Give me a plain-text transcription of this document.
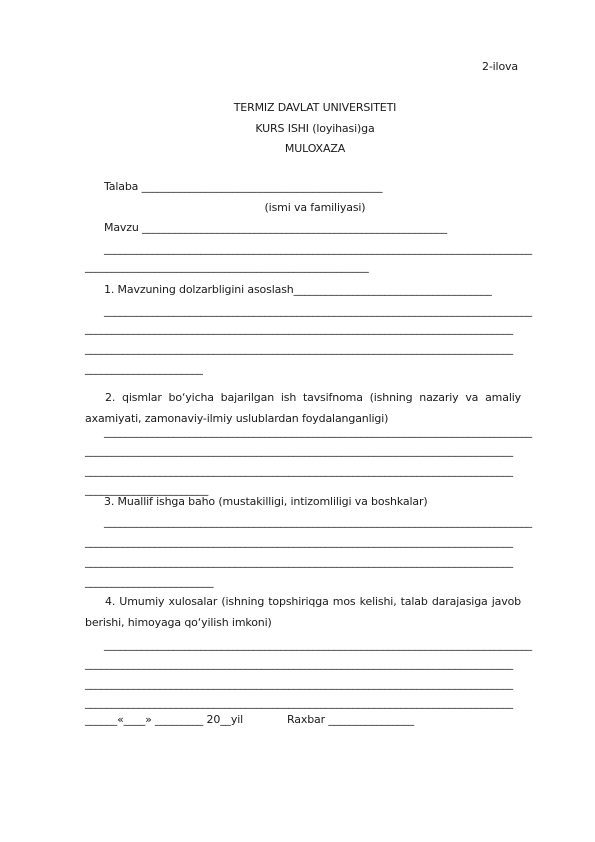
2-ilova
TERMIZ DAVLAT UNIVERSITETI
KURS ISHI (loyihasi)ga
MULOXAZA
Talaba _____________________________________________
(ismi va familiyasi)
Mavzu _________________________________________________________
________________________________________________________________________________
_____________________________________________________
1. Mavzuning dolzarbligini asoslash_____________________________________
________________________________________________________________________________
________________________________________________________________________________
________________________________________________________________________________
______________________
2. qismlar bo‘yicha bajarilgan ish tavsifnoma (ishning nazariy va amaliy axamiyati, zamonaviy-ilmiy uslublardan foydalanganligi)
________________________________________________________________________________
________________________________________________________________________________
________________________________________________________________________________
_______________________
3. Muallif ishga baho (mustakilligi, intizomliligi va boshkalar)
________________________________________________________________________________
________________________________________________________________________________
________________________________________________________________________________
________________________
4. Umumiy xulosalar (ishning topshiriqga mos kelishi, talab darajasiga javob berishi, himoyaga qo‘yilish imkoni)
________________________________________________________________________________
________________________________________________________________________________
________________________________________________________________________________
________________________________________________________________________________
______«____» _________ 20__yil	Raxbar ________________
